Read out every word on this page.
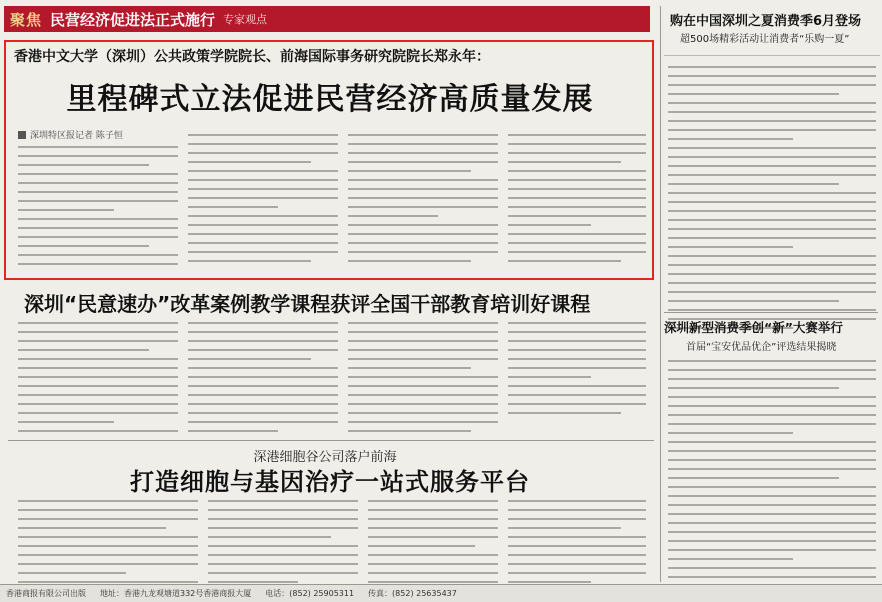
聚焦 民营经济促进法正式施行 专家观点
香港中文大学（深圳）公共政策学院院长、前海国际事务研究院院长郑永年：
里程碑式立法促进民营经济高质量发展
深圳特区报记者 陈子恒
深圳“民意速办”改革案例教学课程获评全国干部教育培训好课程
深港细胞谷公司落户前海
打造细胞与基因治疗一站式服务平台
购在中国深圳之夏消费季6月登场
超500场精彩活动让消费者“乐购一夏”
深圳新型消费季创“新”大赛举行
首届“宝安优品优企”评选结果揭晓
香港商报有限公司出版 地址：香港九龙观塘道332号香港商报大厦 电话：(852) 25905311 传真：(852) 25635437
